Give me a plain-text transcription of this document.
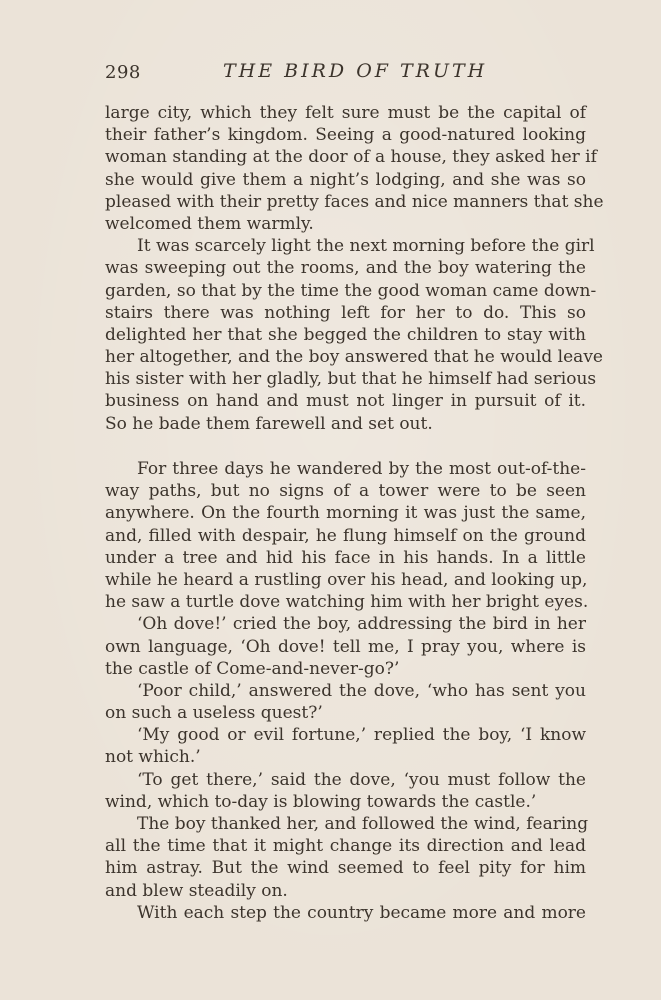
298	THE BIRD OF TRUTH
large city, which they felt sure must be the capital of
their father’s kingdom. Seeing a good-natured looking
woman standing at the door of a house, they asked her if
she would give them a night’s lodging, and she was so
pleased with their pretty faces and nice manners that she
welcomed them warmly.
It was scarcely light the next morning before the girl
was sweeping out the rooms, and the boy watering the
garden, so that by the time the good woman came down-
stairs there was nothing left for her to do. This so
delighted her that she begged the children to stay with
her altogether, and the boy answered that he would leave
his sister with her gladly, but that he himself had serious
business on hand and must not linger in pursuit of it.
So he bade them farewell and set out.
For three days he wandered by the most out-of-the-
way paths, but no signs of a tower were to be seen
anywhere. On the fourth morning it was just the same,
and, filled with despair, he flung himself on the ground
under a tree and hid his face in his hands. In a little
while he heard a rustling over his head, and looking up,
he saw a turtle dove watching him with her bright eyes.
‘Oh dove!’ cried the boy, addressing the bird in her
own language, ‘Oh dove! tell me, I pray you, where is
the castle of Come-and-never-go?’
‘Poor child,’ answered the dove, ‘who has sent you
on such a useless quest?’
‘My good or evil fortune,’ replied the boy, ‘I know
not which.’
‘To get there,’ said the dove, ‘you must follow the
wind, which to-day is blowing towards the castle.’
The boy thanked her, and followed the wind, fearing
all the time that it might change its direction and lead
him astray. But the wind seemed to feel pity for him
and blew steadily on.
With each step the country became more and more
